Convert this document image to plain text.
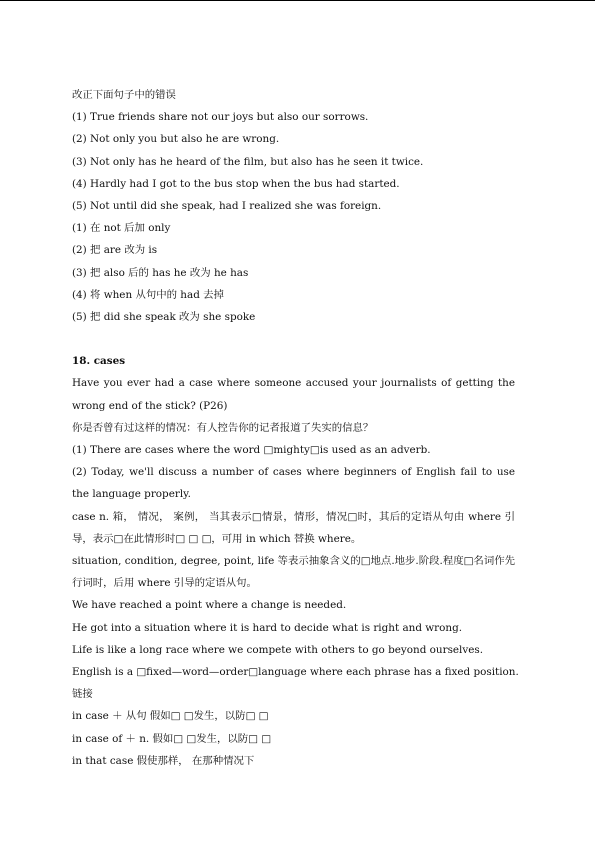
改正下面句子中的错误
(1) True friends share not our joys but also our sorrows.
(2) Not only you but also he are wrong.
(3) Not only has he heard of the film, but also has he seen it twice.
(4) Hardly had I got to the bus stop when the bus had started.
(5) Not until did she speak, had I realized she was foreign.
(1) 在 not 后加 only
(2) 把 are 改为 is
(3) 把 also 后的 has he 改为 he has
(4) 将 when 从句中的 had 去掉
(5) 把 did she speak 改为 she spoke
18. cases
Have you ever had a case where someone accused your journalists of getting the wrong end of the stick? (P26)
你是否曾有过这样的情况：有人控告你的记者报道了失实的信息？
(1) There are cases where the word □mighty□is used as an adverb.
(2) Today, we'll discuss a number of cases where beginners of English fail to use the language properly.
case n. 箱， 情况， 案例， 当其表示□情景，情形，情况□时，其后的定语从句由 where 引导，表示□在此情形时□ □ □，可用 in which 替换 where。
situation, condition, degree, point, life 等表示抽象含义的□地点.地步.阶段.程度□名词作先行词时，后用 where 引导的定语从句。
We have reached a point where a change is needed.
He got into a situation where it is hard to decide what is right and wrong.
Life is like a long race where we compete with others to go beyond ourselves.
English is a □fixed—word—order□language where each phrase has a fixed position.
链接
in case ＋ 从句 假如□ □发生，以防□ □
in case of ＋ n. 假如□ □发生，以防□ □
in that case 假使那样， 在那种情况下
